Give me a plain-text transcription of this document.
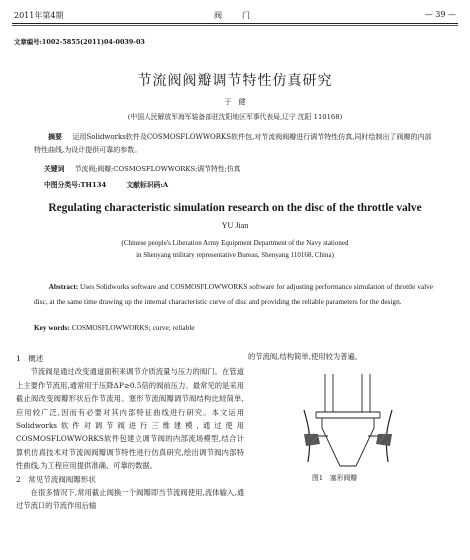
2011年第4期	阀　门	— 39 —
文章编号:1002-5855(2011)04-0039-03
节流阀阀瓣调节特性仿真研究
于　健
(中国人民解放军海军装备部驻沈阳地区军事代表局,辽宁 沈阳 110168)
摘要 运用Solidworks软件及COSMOSFLOWWORKS软件包,对节流阀阀瓣进行调节特性仿真,同时绘制出了阀瓣的内部特性曲线,为设计提供可靠的参数。
关键词 节流阀;阀瓣;COSMOSFLOWWORKS;调节特性;仿真
中图分类号:TH134	文献标识码:A
Regulating characteristic simulation research on the disc of the throttle valve
YU Jian
(Chinese people's Liberation Army Equipment Department of the Navy stationed
in Shenyang military representative Bureau, Shenyang 110168, China)
Abstract: Uses Solidworks software and COSMOSFLOWWORKS software for adjusting performance simulation of throttle valve disc, at the same time drawing up the internal characteristic curve of disc and providing the reliable parameters for the design.
Key words: COSMOSFLOWWORKS; curve; reliable
1　概述
节流阀是通过改变通道面积来调节介质流量与压力的阀门。在管道上主要作节流用,通常用于压降ΔP≥0.5倍的阀前压力。最常见的是采用截止阀改变阀瓣形状后作节流用。塞形节流阀瓣调节阀结构比较简单,应用较广泛,因而有必要对其内部特征曲线进行研究。本文运用Solidworks软件对调节阀进行三维建模,通过使用COSMOSFLOWWORKS软件包建立调节阀的内部流场模型,结合计算机仿真技术对节流阀阀瓣调节特性进行仿真研究,绘出调节阀内部特性曲线,为工程应用提供准确、可靠的数据。
2　常见节流阀阀瓣形状
在很多情况下,常用截止阀换一个阀瓣即当节流阀使用,流体输入,通过节流口的节流作用后输
的节流阀,结构简单,使用较为普遍。
图1　塞形阀瓣
